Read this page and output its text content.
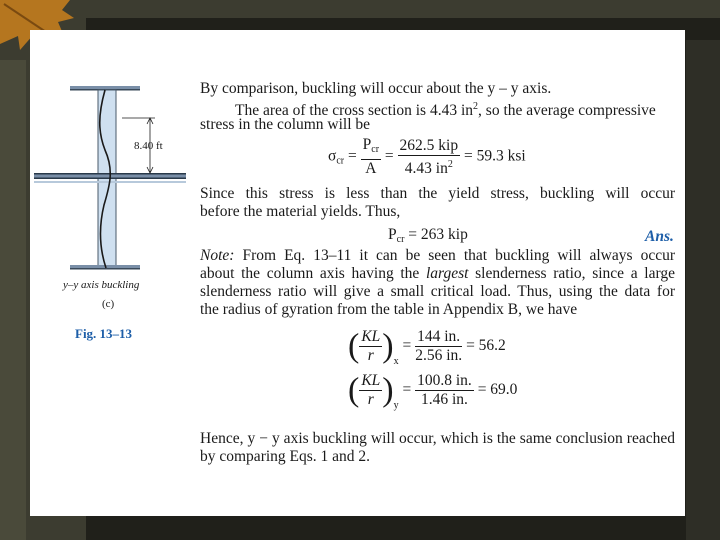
8.40 ft
y–y axis buckling
(c)
Fig. 13–13
By comparison, buckling will occur about the y – y axis.
The area of the cross section is 4.43 $in^2$, so the average compressive
stress in the column will be
$\sigma_{cr} = \frac{P_{cr}}{A} = \frac{\text{262.5 kip}}{4.43 in^2} = 59.3$ ksi
Since this stress is less than the yield stress, buckling will occur
before the material yields. Thus,
$P_{cr} = 263$ kip	Ans.
Note: From Eq. 13–11 it can be seen that buckling will always occur
about the column axis having the largest slenderness ratio, since a large
slenderness ratio will give a small critical load. Thus, using the data for
the radius of gyration from the table in Appendix B, we have
( $\frac{KL}{r} )_x = \frac{144 in.}{2.56 in.} = 56.2$
( $\frac{KL}{r} )_y = \frac{100.8 in.}{1.46 in.} = 69.0$
Hence, y − y axis buckling will occur, which is the same conclusion reached
by comparing Eqs. 1 and 2.
